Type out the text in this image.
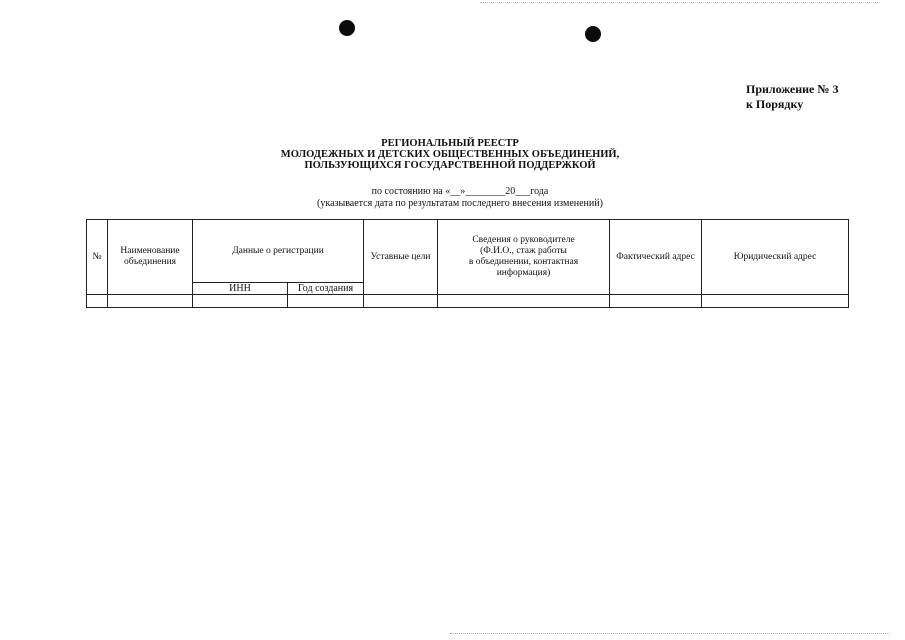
Приложение № 3
к Порядку
РЕГИОНАЛЬНЫЙ РЕЕСТР
МОЛОДЕЖНЫХ И ДЕТСКИХ ОБЩЕСТВЕННЫХ ОБЪЕДИНЕНИЙ,
ПОЛЬЗУЮЩИХСЯ ГОСУДАРСТВЕННОЙ ПОДДЕРЖКОЙ
по состоянию на «__»________20___года
(указывается дата по результатам последнего внесения изменений)
№	Наименование объединения	Данные о регистрации		Уставные цели	Сведения о руководителе
(Ф.И.О., стаж работы
в объединении, контактная
информация)	Фактический адрес	Юридический адрес
		ИНН	Год создания				
